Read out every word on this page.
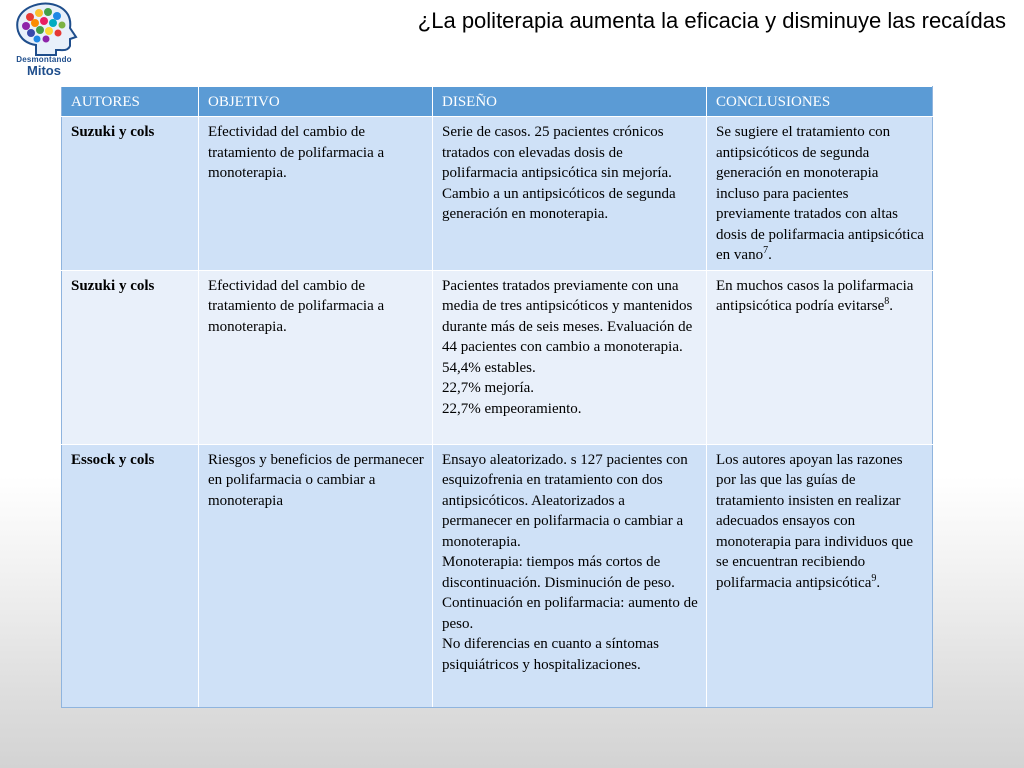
Desmontando
Mitos
¿La politerapia aumenta la eficacia y disminuye las recaídas
AUTORES	OBJETIVO	DISEÑO	CONCLUSIONES
Suzuki y cols	Efectividad del cambio de tratamiento de polifarmacia a monoterapia.	Serie de casos. 25 pacientes crónicos tratados con elevadas dosis de polifarmacia antipsicótica sin mejoría. Cambio a un antipsicóticos de segunda generación en monoterapia.	Se sugiere el tratamiento con antipsicóticos de segunda generación en monoterapia incluso para pacientes previamente tratados con altas dosis de polifarmacia antipsicótica en vano$^7$.
Suzuki y cols	Efectividad del cambio de tratamiento de polifarmacia a monoterapia.	Pacientes tratados previamente con una media de tres antipsicóticos y mantenidos durante más de seis meses. Evaluación de 44 pacientes con cambio a monoterapia.
54,4% estables.
22,7% mejoría.
22,7% empeoramiento.	En muchos casos la polifarmacia antipsicótica podría evitarse$^8$.
Essock y cols	Riesgos y beneficios de permanecer en polifarmacia o cambiar a monoterapia	Ensayo aleatorizado. s 127 pacientes con esquizofrenia en tratamiento con dos antipsicóticos. Aleatorizados a permanecer en polifarmacia o cambiar a monoterapia.
Monoterapia: tiempos más cortos de discontinuación. Disminución de peso. Continuación en polifarmacia: aumento de peso.
No diferencias en cuanto a síntomas psiquiátricos y hospitalizaciones.	Los autores apoyan las razones por las que las guías de tratamiento insisten en realizar adecuados ensayos con monoterapia para individuos que se encuentran recibiendo polifarmacia antipsicótica$^9$.
